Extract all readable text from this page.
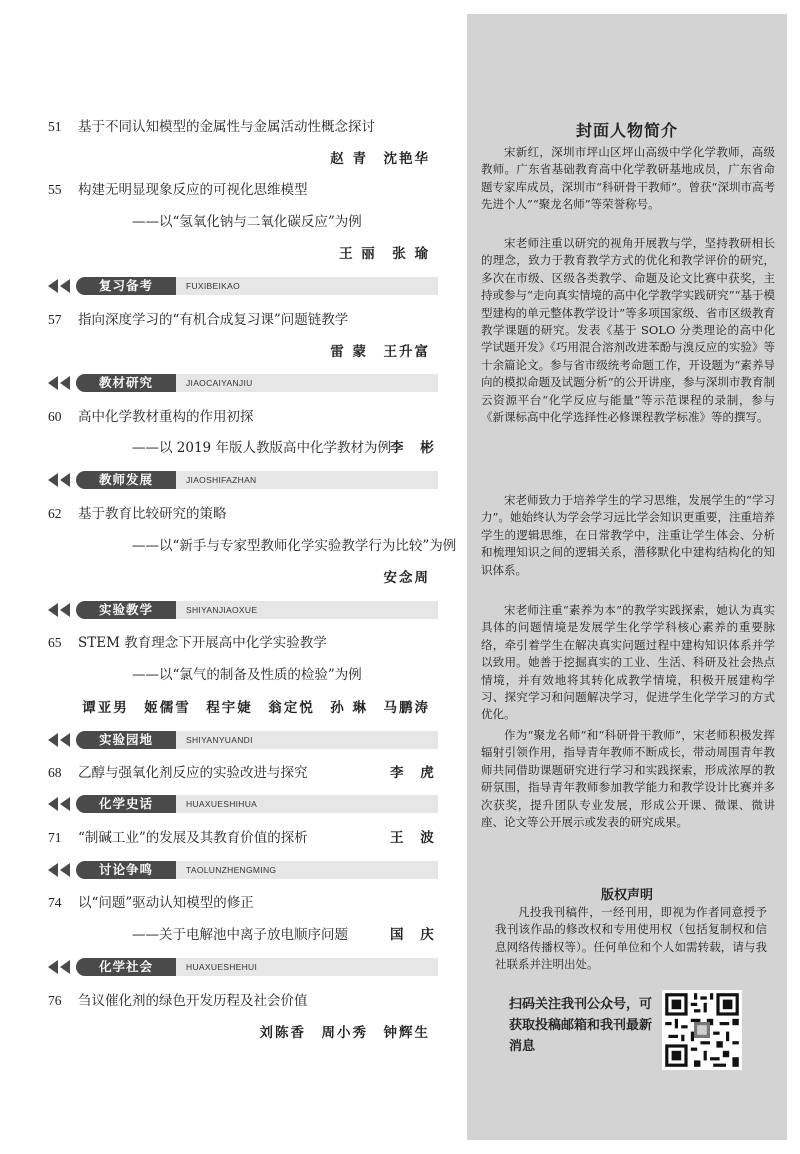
51	基于不同认知模型的金属性与金属活动性概念探讨
赵 青　沈艳华
55	构建无明显现象反应的可视化思维模型
——以“氢氧化钠与二氧化碳反应”为例
王 丽　张 瑜
复习备考	FUXIBEIKAO
57	指向深度学习的“有机合成复习课”问题链教学
雷 蒙　王升富
教材研究	JIAOCAIYANJIU
60	高中化学教材重构的作用初探
——以 2019 年版人教版高中化学教材为例 李 彬
教师发展	JIAOSHIFAZHAN
62	基于教育比较研究的策略
——以“新手与专家型教师化学实验教学行为比较”为例
安念周
实验教学	SHIYANJIAOXUE
65	STEM 教育理念下开展高中化学实验教学
——以“氯气的制备及性质的检验”为例
谭亚男　姬儒雪　程宇婕　翁定悦　孙 琳　马鹏涛
实验园地	SHIYANYUANDI
68	乙醇与强氧化剂反应的实验改进与探究	李 虎
化学史话	HUAXUESHIHUA
71	“制碱工业”的发展及其教育价值的探析	王 波
讨论争鸣	TAOLUNZHENGMING
74	以“问题”驱动认知模型的修正
——关于电解池中离子放电顺序问题	国 庆
化学社会	HUAXUESHEHUI
76	刍议催化剂的绿色开发历程及社会价值
刘陈香　周小秀　钟辉生
封面人物简介

宋新红，深圳市坪山区坪山高级中学化学教师，高级教师。广东省基础教育高中化学教研基地成员，广东省命题专家库成员，深圳市“科研骨干教师”。曾获“深圳市高考先进个人”“聚龙名师”等荣誉称号。

宋老师注重以研究的视角开展教与学，坚持教研相长的理念，致力于教育教学方式的优化和教学评价的研究，多次在市级、区级各类教学、命题及论文比赛中获奖，主持或参与“走向真实情境的高中化学教学实践研究”“基于模型建构的单元整体教学设计”等多项国家级、省市区级教育教学课题的研究。发表《基于 SOLO 分类理论的高中化学试题开发》《巧用混合溶剂改进苯酚与溴反应的实验》等十余篇论文。参与省市级统考命题工作，开设题为“素养导向的模拟命题及试题分析”的公开讲座，参与深圳市教育制云资源平台“化学反应与能量”等示范课程的录制，参与《新课标高中化学选择性必修课程教学标准》等的撰写。

宋老师致力于培养学生的学习思维，发展学生的“学习力”。她始终认为学会学习远比学会知识更重要，注重培养学生的逻辑思维，在日常教学中，注重让学生体会、分析和梳理知识之间的逻辑关系，潜移默化中建构结构化的知识体系。

宋老师注重“素养为本”的教学实践探索，她认为真实具体的问题情境是发展学生化学学科核心素养的重要脉络，牵引着学生在解决真实问题过程中建构知识体系并学以致用。她善于挖掘真实的工业、生活、科研及社会热点情境，并有效地将其转化成教学情境，积极开展建构学习、探究学习和问题解决学习，促进学生化学学习的方式优化。

作为“聚龙名师”和“科研骨干教师”，宋老师积极发挥辐射引领作用，指导青年教师不断成长，带动周围青年教师共同借助课题研究进行学习和实践探索，形成浓厚的教研氛围，指导青年教师参加教学能力和教学设计比赛并多次获奖，提升团队专业发展，形成公开课、微课、微讲座、论文等公开展示或发表的研究成果。

版权声明

凡投我刊稿件，一经刊用，即视为作者同意授予我刊该作品的修改权和专用使用权（包括复制权和信息网络传播权等）。任何单位和个人如需转载，请与我社联系并注明出处。

扫码关注我刊公众号，可获取投稿邮箱和我刊最新消息
